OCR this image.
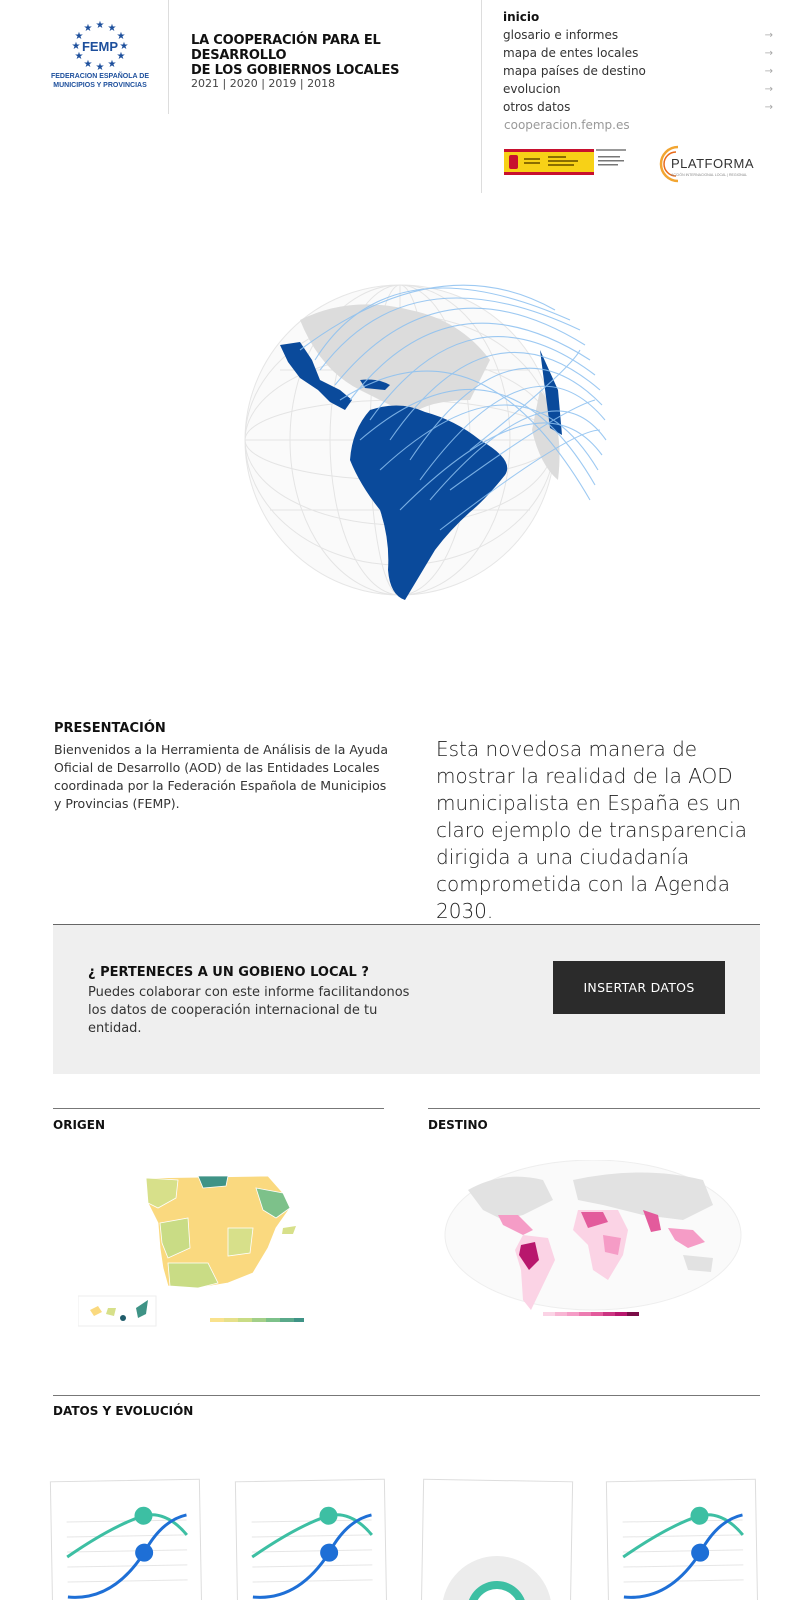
★ ★
★
★
★
★
★
★
★
★
★
★
FEMP
FEDERACION ESPAÑOLA DE
MUNICIPIOS Y PROVINCIAS
LA COOPERACIÓN PARA EL DESARROLLO
DE LOS GOBIERNOS LOCALES
2021 | 2020 | 2019 | 2018
inicio
glosario e informes	→
mapa de entes locales	→
mapa países de destino	→
evolucion	→
otros datos	→
cooperacion.femp.es
PLATFORMA
ACCIÓN INTERNACIONAL LOCAL | REGIONAL
PRESENTACIÓN

Bienvenidos a la Herramienta de Análisis de la Ayuda Oficial de Desarrollo (AOD) de las Entidades Locales coordinada por la Federación Española de Municipios y Provincias (FEMP).

Esta novedosa manera de mostrar la realidad de la AOD municipalista en España es un claro ejemplo de transparencia dirigida a una ciudadanía comprometida con la Agenda 2030.

¿ PERTENECES A UN GOBIENO LOCAL ?

Puedes colaborar con este informe facilitandonos los datos de cooperación internacional de tu entidad.

INSERTAR DATOS
ORIGEN	DESTINO
DATOS Y EVOLUCIÓN
